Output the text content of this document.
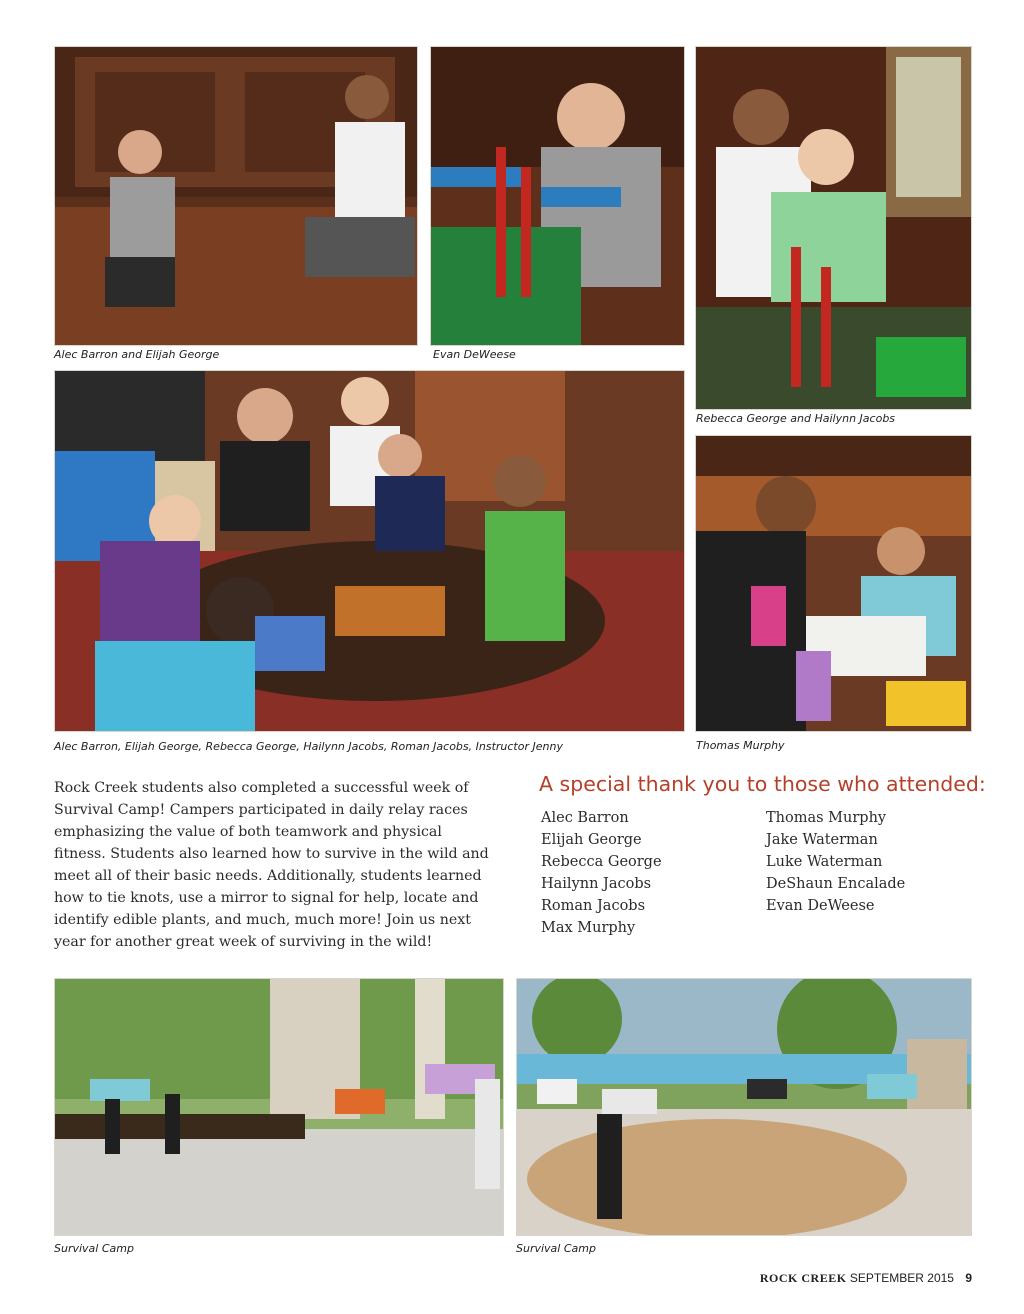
Alec Barron and Elijah George	Evan DeWeese
Rebecca George and Hailynn Jacobs
Alec Barron, Elijah George, Rebecca George, Hailynn Jacobs, Roman Jacobs, Instructor Jenny	Thomas Murphy

Rock Creek students also completed a successful week of Survival Camp! Campers participated in daily relay races emphasizing the value of both teamwork and physical fitness. Students also learned how to survive in the wild and meet all of their basic needs. Additionally, students learned how to tie knots, use a mirror to signal for help, locate and identify edible plants, and much, much more! Join us next year for another great week of surviving in the wild!

A special thank you to those who attended:
Alec Barron
Elijah George
Rebecca George
Hailynn Jacobs
Roman Jacobs
Max Murphy
Thomas Murphy
Jake Waterman
Luke Waterman
DeShaun Encalade
Evan DeWeese
Survival Camp	Survival Camp
ROCK CREEK SEPTEMBER 2015 9
